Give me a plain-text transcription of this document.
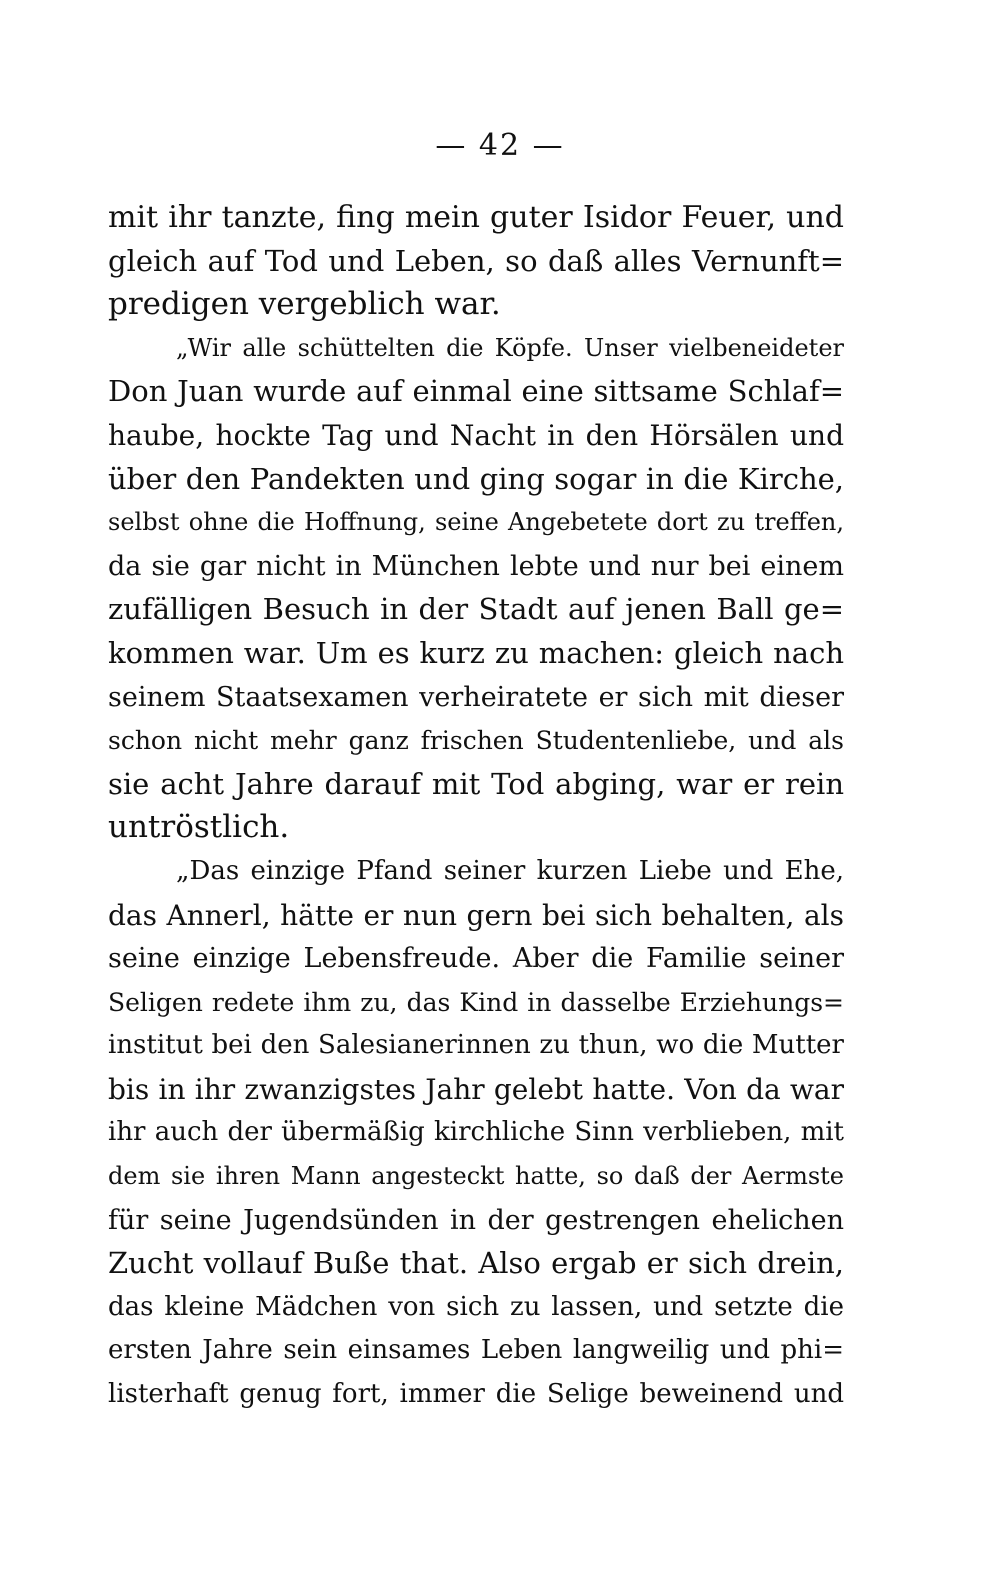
— 42 —
mit ihr tanzte, fing mein guter Isidor Feuer, und
gleich auf Tod und Leben, so daß alles Vernunft=
predigen vergeblich war.
„Wir alle schüttelten die Köpfe. Unser vielbeneideter
Don Juan wurde auf einmal eine sittsame Schlaf=
haube, hockte Tag und Nacht in den Hörsälen und
über den Pandekten und ging sogar in die Kirche,
selbst ohne die Hoffnung, seine Angebetete dort zu treffen,
da sie gar nicht in München lebte und nur bei einem
zufälligen Besuch in der Stadt auf jenen Ball ge=
kommen war. Um es kurz zu machen: gleich nach
seinem Staatsexamen verheiratete er sich mit dieser
schon nicht mehr ganz frischen Studentenliebe, und als
sie acht Jahre darauf mit Tod abging, war er rein
untröstlich.
„Das einzige Pfand seiner kurzen Liebe und Ehe,
das Annerl, hätte er nun gern bei sich behalten, als
seine einzige Lebensfreude. Aber die Familie seiner
Seligen redete ihm zu, das Kind in dasselbe Erziehungs=
institut bei den Salesianerinnen zu thun, wo die Mutter
bis in ihr zwanzigstes Jahr gelebt hatte. Von da war
ihr auch der übermäßig kirchliche Sinn verblieben, mit
dem sie ihren Mann angesteckt hatte, so daß der Aermste
für seine Jugendsünden in der gestrengen ehelichen
Zucht vollauf Buße that. Also ergab er sich drein,
das kleine Mädchen von sich zu lassen, und setzte die
ersten Jahre sein einsames Leben langweilig und phi=
listerhaft genug fort, immer die Selige beweinend und
